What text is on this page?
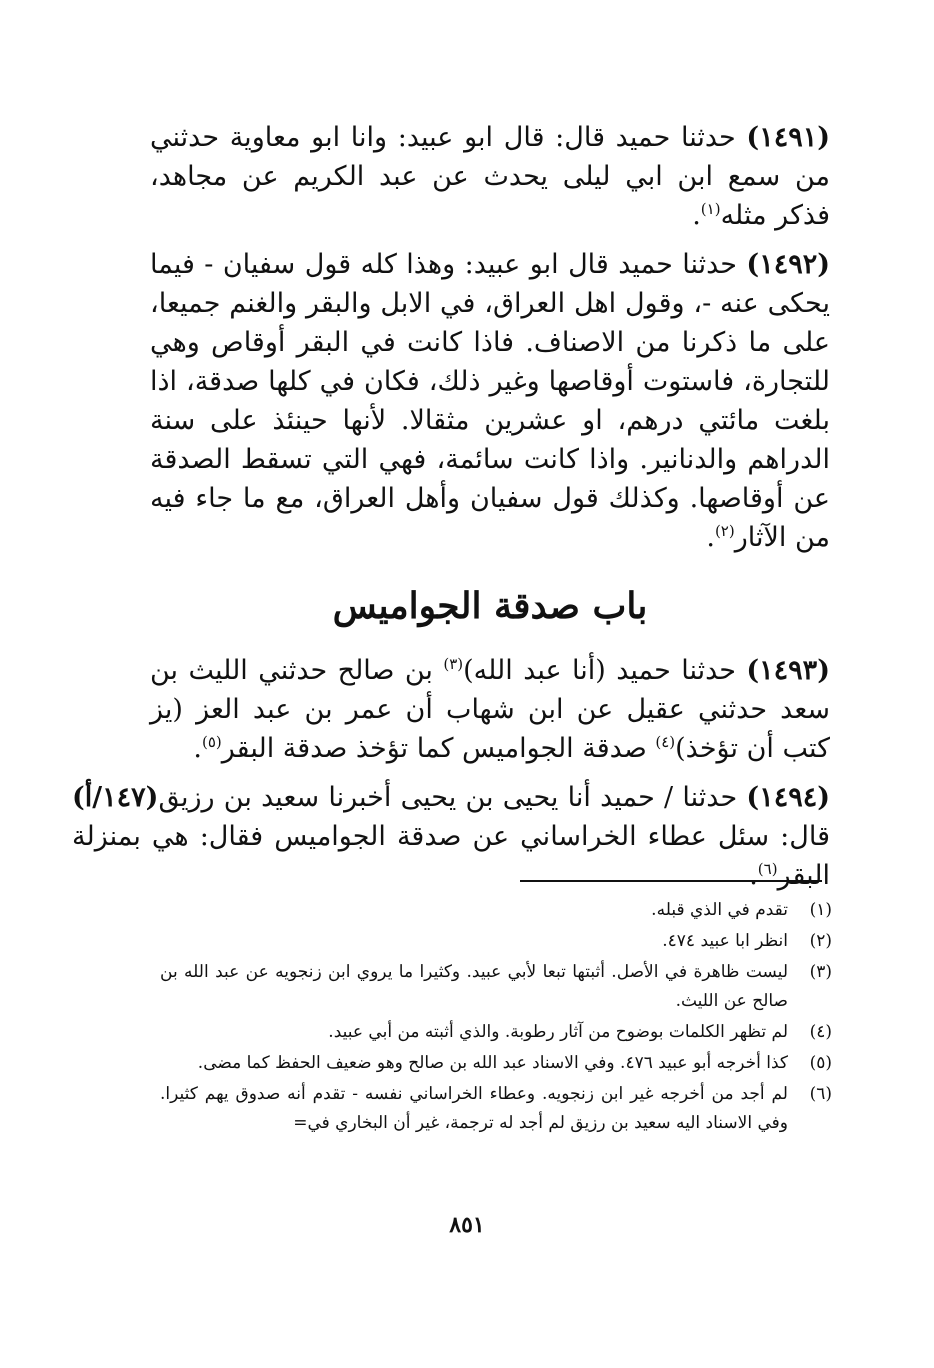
(١٤٩١) حدثنا حميد قال: قال ابو عبيد: وانا ابو معاوية حدثني من سمع ابن ابي ليلى يحدث عن عبد الكريم عن مجاهد، فذكر مثله$^{(١)}$.

(١٤٩٢) حدثنا حميد قال ابو عبيد: وهذا كله قول سفيان - فيما يحكى عنه -، وقول اهل العراق، في الابل والبقر والغنم جميعا، على ما ذكرنا من الاصناف. فاذا كانت في البقر أوقاص وهي للتجارة، فاستوت أوقاصها وغير ذلك، فكان في كلها صدقة، اذا بلغت مائتي درهم، او عشرين مثقالا. لأنها حينئذ على سنة الدراهم والدنانير. واذا كانت سائمة، فهي التي تسقط الصدقة عن أوقاصها. وكذلك قول سفيان وأهل العراق، مع ما جاء فيه من الآثار$^{(٢)}$.

باب صدقة الجواميس

(١٤٩٣) حدثنا حميد (أنا عبد الله)$^{(٣)}$ بن صالح حدثني الليث بن سعد حدثني عقيل عن ابن شهاب أن عمر بن عبد العز (يز كتب أن تؤخذ)$^{(٤)}$ صدقة الجواميس كما تؤخذ صدقة البقر$^{(٥)}$.

(١٤٩٤) حدثنا / حميد أنا يحيى بن يحيى أخبرنا سعيد بن رزيق(١٤٧/أ) قال: سئل عطاء الخراساني عن صدقة الجواميس فقال: هي بمنزلة البقر$^{(٦)}$.

(١)
تقدم في الذي قبله.
(٢)
انظر ابا عبيد ٤٧٤.
(٣)
ليست ظاهرة في الأصل. أثبتها تبعا لأبي عبيد. وكثيرا ما يروي ابن زنجويه عن عبد الله بن صالح عن الليث.
(٤)
لم تظهر الكلمات بوضوح من آثار رطوبة. والذي أثبته من أبي عبيد.
(٥)
كذا أخرجه أبو عبيد ٤٧٦. وفي الاسناد عبد الله بن صالح وهو ضعيف الحفظ كما مضى.
(٦)
لم أجد من أخرجه غير ابن زنجويه. وعطاء الخراساني نفسه - تقدم أنه صدوق يهم كثيرا. وفي الاسناد اليه سعيد بن رزيق لم أجد له ترجمة، غير أن البخاري في=
٨٥١
